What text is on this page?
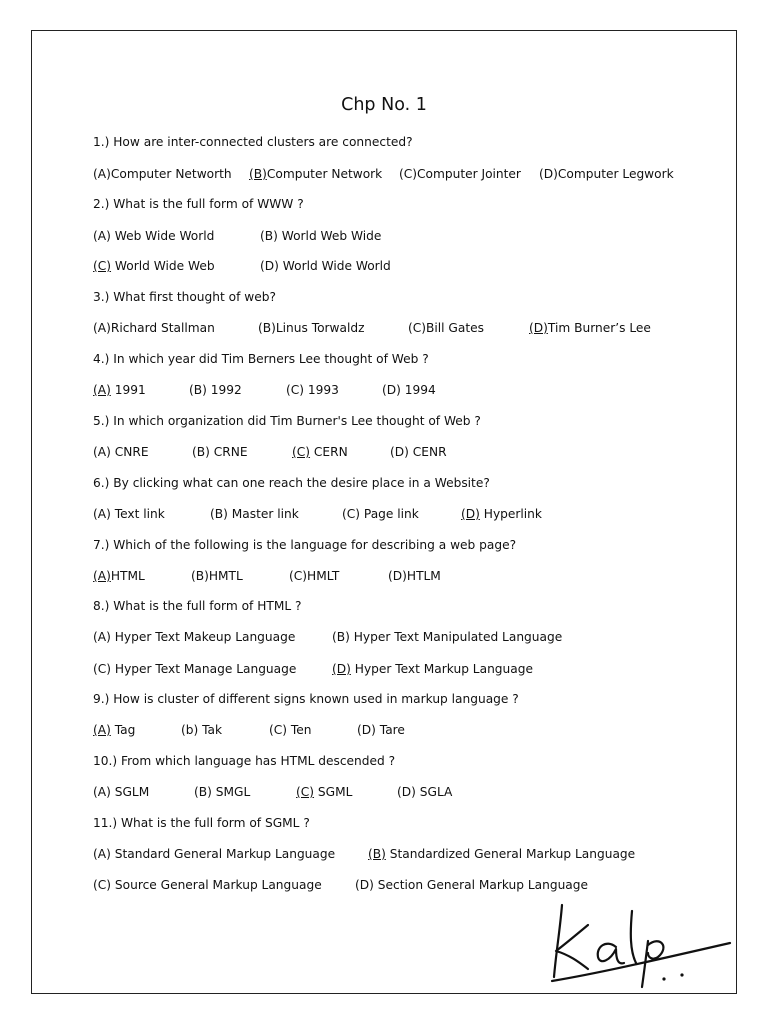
Chp No. 1
1.) How are inter-connected clusters are connected?
(A)Computer Networth (B)Computer Network (C)Computer Jointer (D)Computer Legwork
2.) What is the full form of WWW ?
(A) Web Wide World	(B) World Web Wide
(C) World Wide Web	(D) World Wide World
3.) What first thought of web?
(A)Richard Stallman	(B)Linus Torwaldz	(C)Bill Gates	(D)Tim Burner’s Lee
4.) In which year did Tim Berners Lee thought of Web ?
(A) 1991	(B) 1992	(C) 1993	(D) 1994
5.) In which organization did Tim Burner's Lee thought of Web ?
(A) CNRE	(B) CRNE	(C) CERN	(D) CENR
6.) By clicking what can one reach the desire place in a Website?
(A) Text link	(B) Master link	(C) Page link	(D) Hyperlink
7.) Which of the following is the language for describing a web page?
(A)HTML	(B)HMTL	(C)HMLT	(D)HTLM
8.) What is the full form of HTML ?
(A) Hyper Text Makeup Language	(B) Hyper Text Manipulated Language
(C) Hyper Text Manage Language	(D) Hyper Text Markup Language
9.) How is cluster of different signs known used in markup language ?
(A) Tag	(b) Tak	(C) Ten	(D) Tare
10.) From which language has HTML descended ?
(A) SGLM	(B) SMGL	(C) SGML	(D) SGLA
11.) What is the full form of SGML ?
(A) Standard General Markup Language	(B) Standardized General Markup Language
(C) Source General Markup Language	(D) Section General Markup Language
